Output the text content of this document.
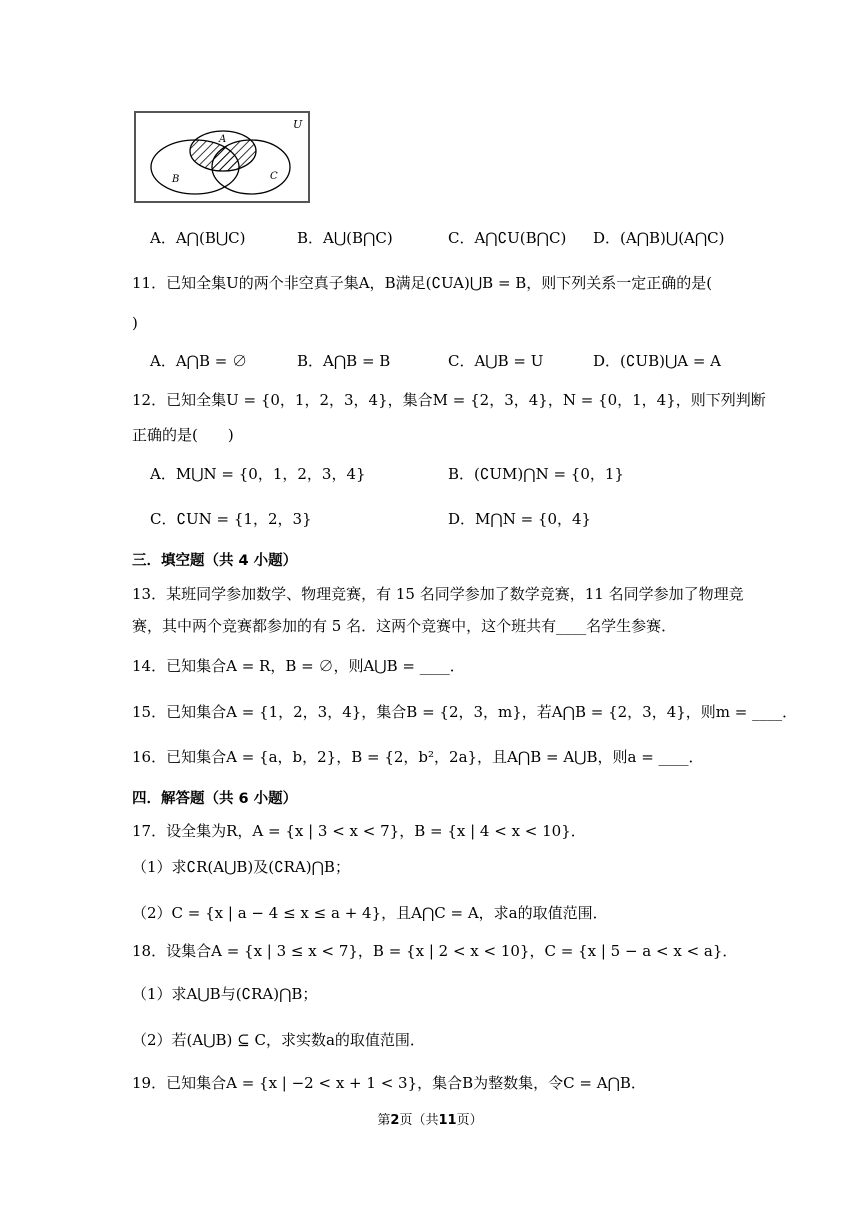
U
A
B	C
A．A⋂(B⋃C)	B．A⋃(B⋂C)	C．A⋂∁U(B⋂C) D．(A⋂B)⋃(A⋂C)
11．已知全集U的两个非空真子集A，B满足(∁UA)⋃B = B，则下列关系一定正确的是(
)
A．A⋂B = ∅	B．A⋂B = B	C．A⋃B = U	D．(∁UB)⋃A = A
12．已知全集U = {0，1，2，3，4}，集合M = {2，3，4}，N = {0，1，4}，则下列判断
正确的是(　　)
A．M⋃N = {0，1，2，3，4}	B．(∁UM)⋂N = {0，1}
C．∁UN = {1，2，3}	D．M⋂N = {0，4}
三．填空题（共 4 小题）
13．某班同学参加数学、物理竞赛，有 15 名同学参加了数学竞赛，11 名同学参加了物理竞
赛，其中两个竞赛都参加的有 5 名．这两个竞赛中，这个班共有____名学生参赛．
14．已知集合A = R，B = ∅，则A⋃B = ____．
15．已知集合A = {1，2，3，4}，集合B = {2，3，m}，若A⋂B = {2，3，4}，则m = ____．
16．已知集合A = {a，b，2}，B = {2，b²，2a}，且A⋂B = A⋃B，则a = ____．
四．解答题（共 6 小题）
17．设全集为R，A = {x | 3 < x < 7}，B = {x | 4 < x < 10}．
（1）求∁R(A⋃B)及(∁RA)⋂B；
（2）C = {x | a − 4 ≤ x ≤ a + 4}，且A⋂C = A，求a的取值范围．
18．设集合A = {x | 3 ≤ x < 7}，B = {x | 2 < x < 10}，C = {x | 5 − a < x < a}．
（1）求A⋃B与(∁RA)⋂B；
（2）若(A⋃B) ⊆ C，求实数a的取值范围．
19．已知集合A = {x | −2 < x + 1 < 3}，集合B为整数集，令C = A⋂B．
第2页（共11页）
